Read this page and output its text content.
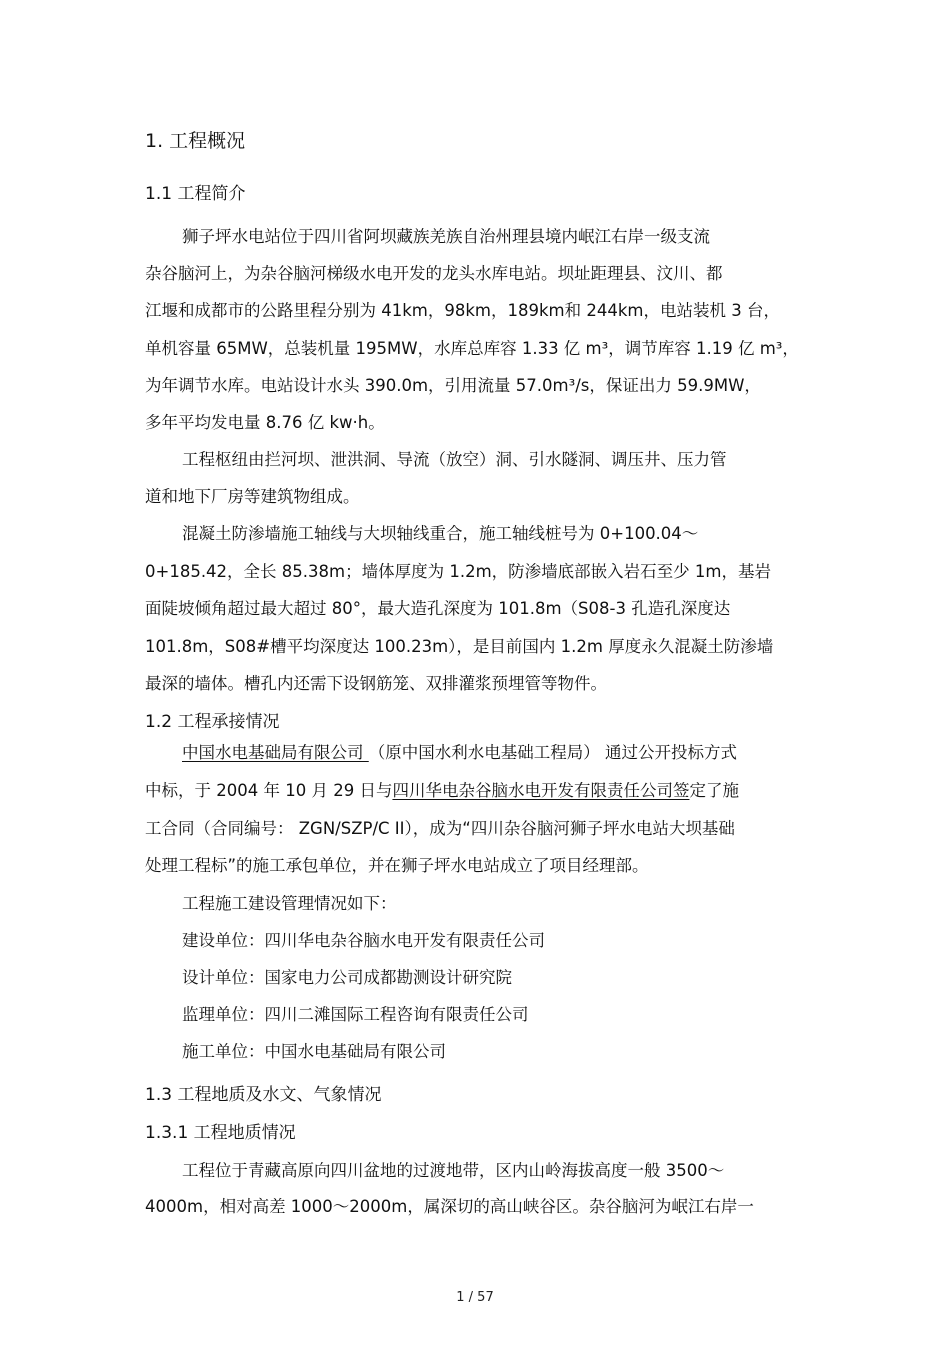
1. 工程概况
1.1 工程简介
狮子坪水电站位于四川省阿坝藏族羌族自治州理县境内岷江右岸一级支流
杂谷脑河上，为杂谷脑河梯级水电开发的龙头水库电站。坝址距理县、汶川、都
江堰和成都市的公路里程分别为 41km，98km，189km和 244km，电站装机 3 台，
单机容量 65MW，总装机量 195MW，水库总库容 1.33 亿 m³，调节库容 1.19 亿 m³，
为年调节水库。电站设计水头 390.0m，引用流量 57.0m³/s，保证出力 59.9MW，
多年平均发电量 8.76 亿 kw·h。
工程枢纽由拦河坝、泄洪洞、导流（放空）洞、引水隧洞、调压井、压力管
道和地下厂房等建筑物组成。
混凝土防渗墙施工轴线与大坝轴线重合，施工轴线桩号为 0+100.04～
0+185.42，全长 85.38m；墙体厚度为 1.2m，防渗墙底部嵌入岩石至少 1m，基岩
面陡坡倾角超过最大超过 80°，最大造孔深度为 101.8m（S08-3 孔造孔深度达
101.8m，S08#槽平均深度达 100.23m），是目前国内 1.2m 厚度永久混凝土防渗墙
最深的墙体。槽孔内还需下设钢筋笼、双排灌浆预埋管等物件。
1.2 工程承接情况
中国水电基础局有限公司 （原中国水利水电基础工程局） 通过公开投标方式
中标，于 2004 年 10 月 29 日与四川华电杂谷脑水电开发有限责任公司签定了施
工合同（合同编号： ZGN/SZP/C II），成为“四川杂谷脑河狮子坪水电站大坝基础
处理工程标”的施工承包单位，并在狮子坪水电站成立了项目经理部。
工程施工建设管理情况如下：
建设单位：四川华电杂谷脑水电开发有限责任公司
设计单位：国家电力公司成都勘测设计研究院
监理单位：四川二滩国际工程咨询有限责任公司
施工单位：中国水电基础局有限公司
1.3 工程地质及水文、气象情况
1.3.1 工程地质情况
工程位于青藏高原向四川盆地的过渡地带，区内山岭海拔高度一般 3500～
4000m，相对高差 1000～2000m，属深切的高山峡谷区。杂谷脑河为岷江右岸一
1 / 57
